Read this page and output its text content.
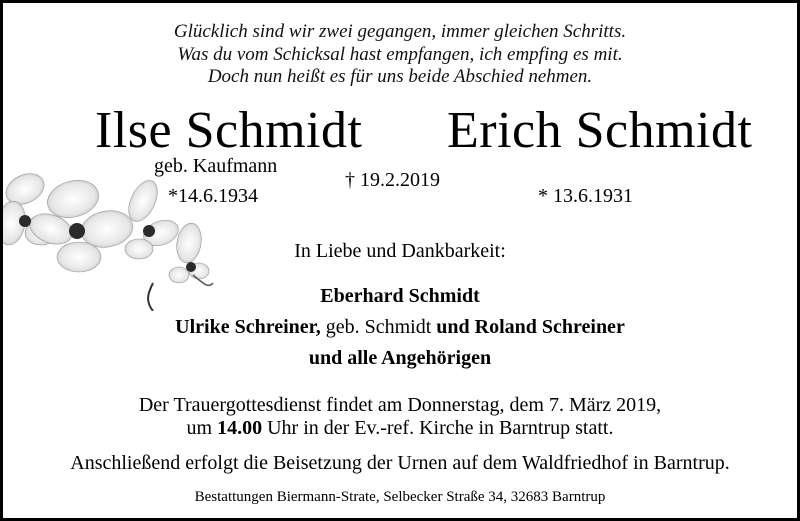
Glücklich sind wir zwei gegangen, immer gleichen Schritts.
Was du vom Schicksal hast empfangen, ich empfing es mit.
Doch nun heißt es für uns beide Abschied nehmen.
Ilse Schmidt Erich Schmidt
geb. Kaufmann
† 19.2.2019
*14.6.1934	* 13.6.1931
In Liebe und Dankbarkeit:
Eberhard Schmidt
Ulrike Schreiner, geb. Schmidt und Roland Schreiner
und alle Angehörigen
Der Trauergottesdienst findet am Donnerstag, dem 7. März 2019,
um 14.00 Uhr in der Ev.-ref. Kirche in Barntrup statt.
Anschließend erfolgt die Beisetzung der Urnen auf dem Waldfriedhof in Barntrup.
Bestattungen Biermann-Strate, Selbecker Straße 34, 32683 Barntrup
